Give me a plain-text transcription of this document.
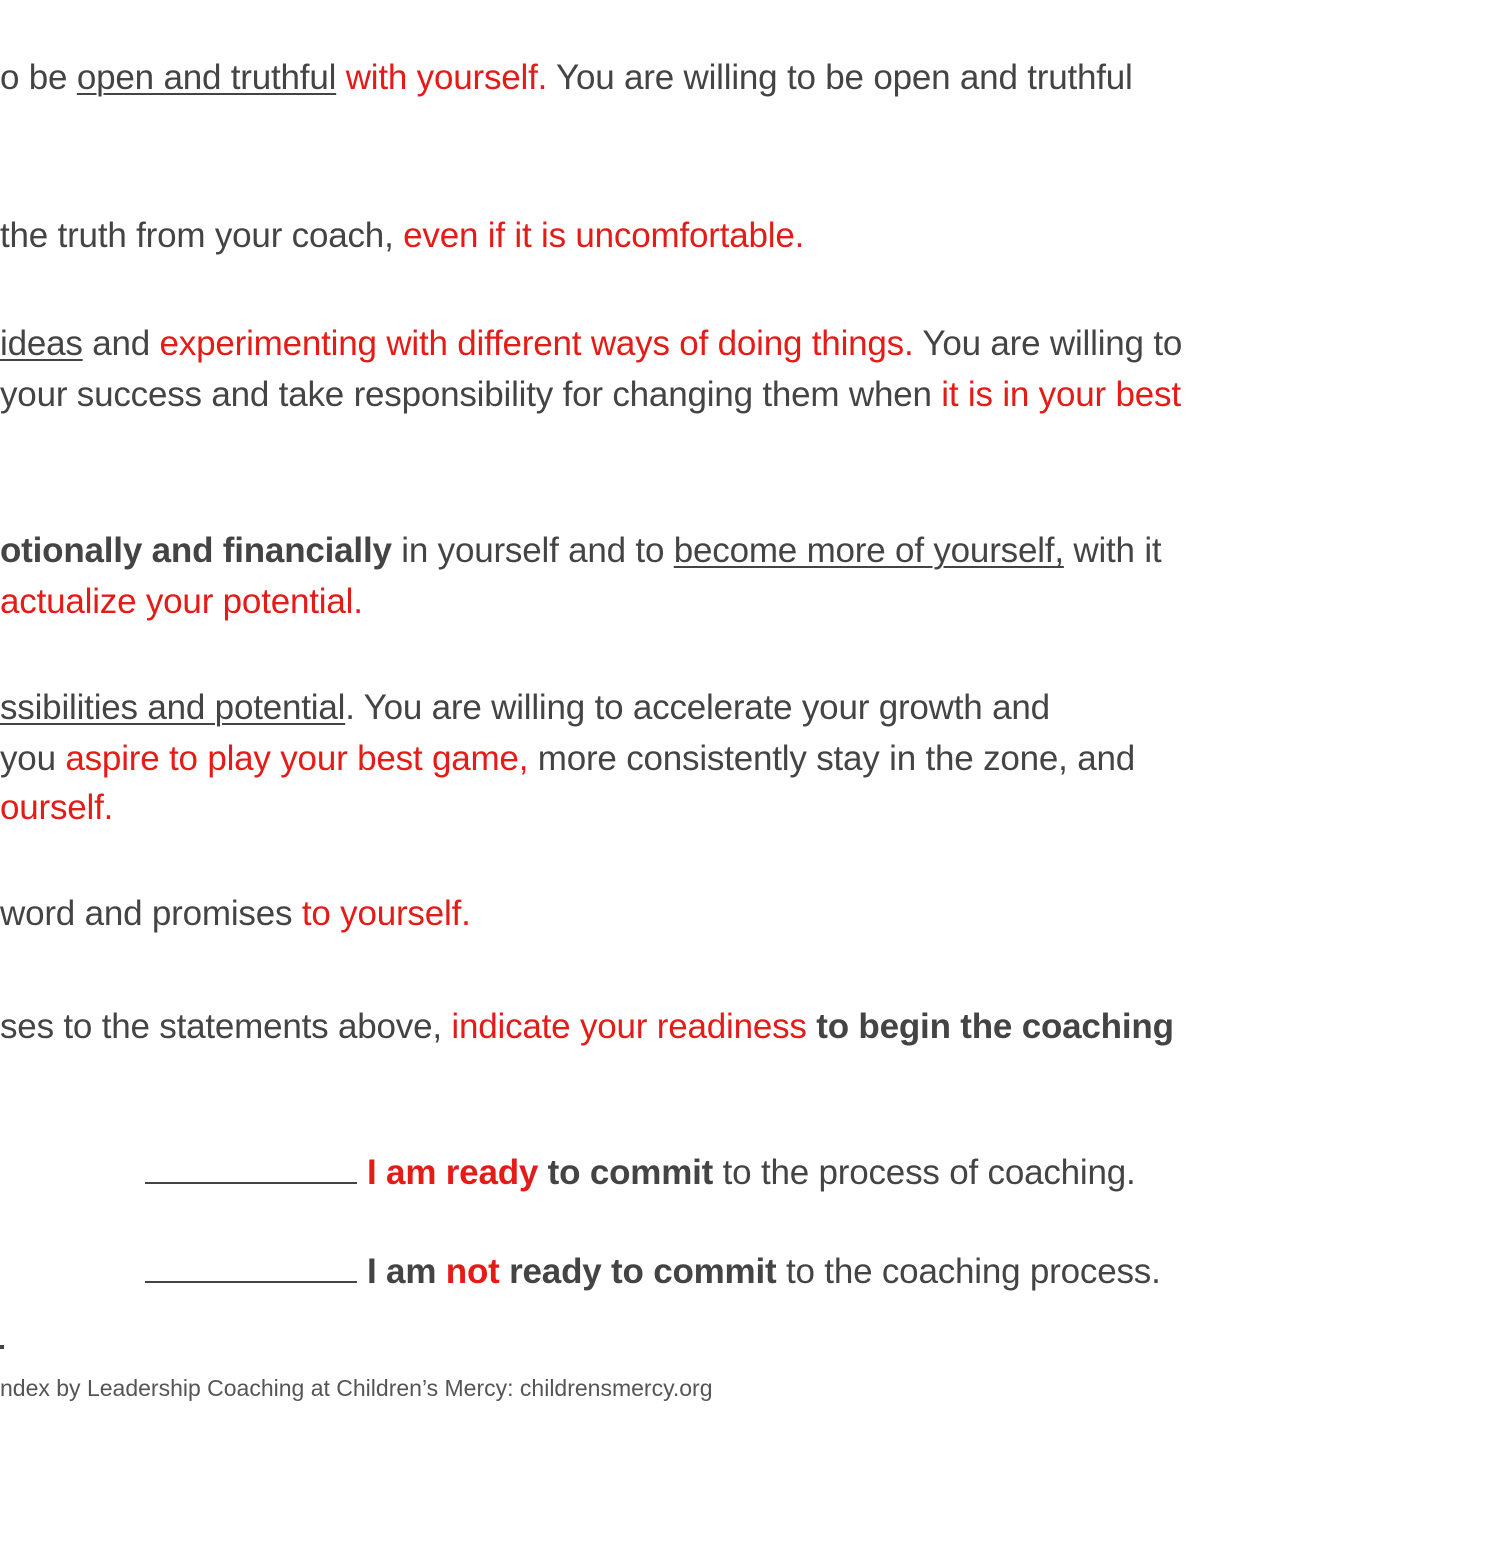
o be open and truthful with yourself. You are willing to be open and truthful
the truth from your coach, even if it is uncomfortable.
ideas and experimenting with different ways of doing things. You are willing to
your success and take responsibility for changing them when it is in your best
otionally and financially in yourself and to become more of yourself, with it
actualize your potential.
ssibilities and potential. You are willing to accelerate your growth and
you aspire to play your best game, more consistently stay in the zone, and
ourself.
word and promises to yourself.
ses to the statements above, indicate your readiness to begin the coaching
I am ready to commit to the process of coaching.
I am not ready to commit to the coaching process.
ndex by Leadership Coaching at Children’s Mercy: childrensmercy.org
